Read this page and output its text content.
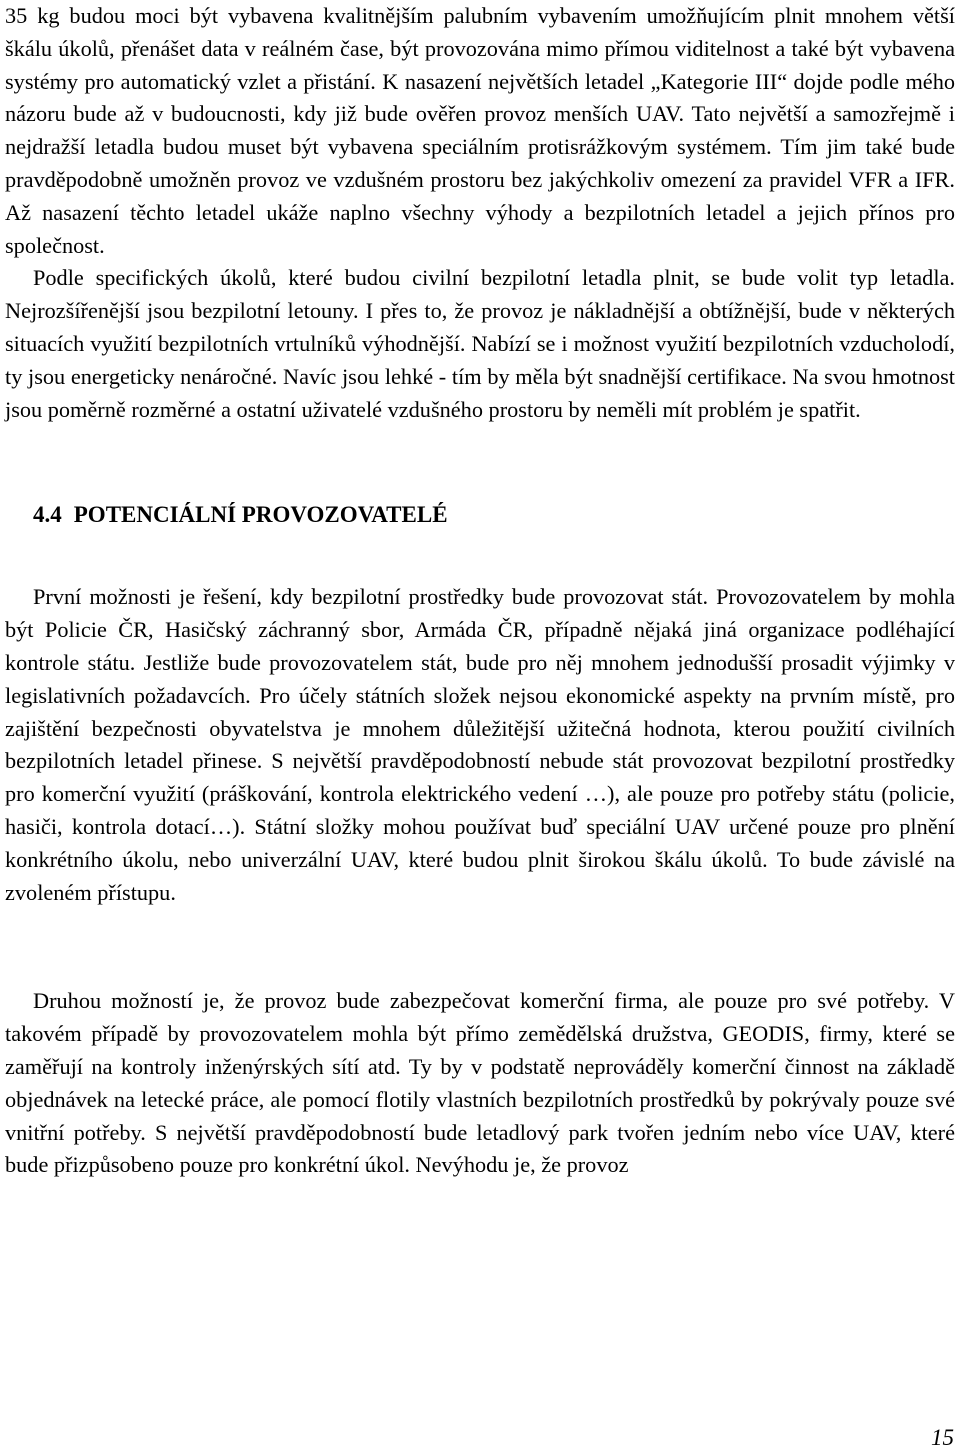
35 kg budou moci být vybavena kvalitnějším palubním vybavením umožňujícím plnit mnohem větší škálu úkolů, přenášet data v reálném čase, být provozována mimo přímou viditelnost a také být vybavena systémy pro automatický vzlet a přistání. K nasazení největších letadel „Kategorie III“ dojde podle mého názoru bude až v budoucnosti, kdy již bude ověřen provoz menších UAV. Tato největší a samozřejmě i nejdražší letadla budou muset být vybavena speciálním protisrážkovým systémem. Tím jim také bude pravděpodobně umožněn provoz ve vzdušném prostoru bez jakýchkoliv omezení za pravidel VFR a IFR. Až nasazení těchto letadel ukáže naplno všechny výhody a bezpilotních letadel a jejich přínos pro společnost.

Podle specifických úkolů, které budou civilní bezpilotní letadla plnit, se bude volit typ letadla. Nejrozšířenější jsou bezpilotní letouny. I přes to, že provoz je nákladnější a obtížnější, bude v některých situacích využití bezpilotních vrtulníků výhodnější. Nabízí se i možnost využití bezpilotních vzducholodí, ty jsou energeticky nenáročné. Navíc jsou lehké - tím by měla být snadnější certifikace. Na svou hmotnost jsou poměrně rozměrné a ostatní uživatelé vzdušného prostoru by neměli mít problém je spatřit.

4.4 POTENCIÁLNÍ PROVOZOVATELÉ

První možnosti je řešení, kdy bezpilotní prostředky bude provozovat stát. Provozovatelem by mohla být Policie ČR, Hasičský záchranný sbor, Armáda ČR, případně nějaká jiná organizace podléhající kontrole státu. Jestliže bude provozovatelem stát, bude pro něj mnohem jednodušší prosadit výjimky v legislativních požadavcích. Pro účely státních složek nejsou ekonomické aspekty na prvním místě, pro zajištění bezpečnosti obyvatelstva je mnohem důležitější užitečná hodnota, kterou použití civilních bezpilotních letadel přinese. S největší pravděpodobností nebude stát provozovat bezpilotní prostředky pro komerční využití (práškování, kontrola elektrického vedení …), ale pouze pro potřeby státu (policie, hasiči, kontrola dotací…). Státní složky mohou používat buď speciální UAV určené pouze pro plnění konkrétního úkolu, nebo univerzální UAV, které budou plnit širokou škálu úkolů. To bude závislé na zvoleném přístupu.

Druhou možností je, že provoz bude zabezpečovat komerční firma, ale pouze pro své potřeby. V takovém případě by provozovatelem mohla být přímo zemědělská družstva, GEODIS, firmy, které se zaměřují na kontroly inženýrských sítí atd. Ty by v podstatě neprováděly komerční činnost na základě objednávek na letecké práce, ale pomocí flotily vlastních bezpilotních prostředků by pokrývaly pouze své vnitřní potřeby. S největší pravděpodobností bude letadlový park tvořen jedním nebo více UAV, které bude přizpůsobeno pouze pro konkrétní úkol. Nevýhodu je, že provoz

15
